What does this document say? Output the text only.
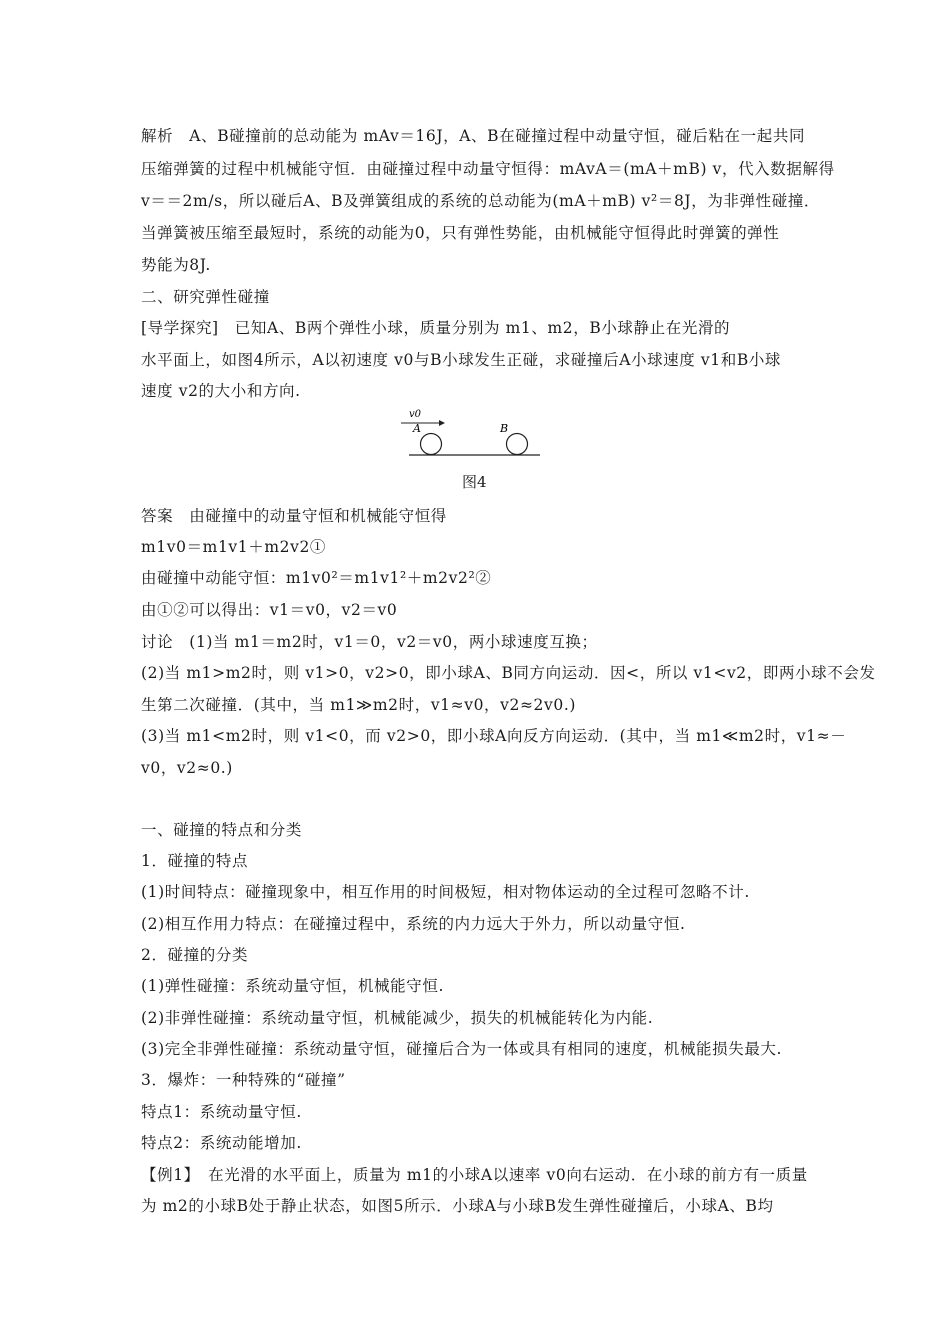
解析　A、B碰撞前的总动能为 mAv＝16J，A、B在碰撞过程中动量守恒，碰后粘在一起共同
压缩弹簧的过程中机械能守恒．由碰撞过程中动量守恒得：mAvA＝(mA＋mB) v，代入数据解得
v＝＝2m/s，所以碰后A、B及弹簧组成的系统的总动能为(mA＋mB) v²＝8J，为非弹性碰撞．
当弹簧被压缩至最短时，系统的动能为0，只有弹性势能，由机械能守恒得此时弹簧的弹性
势能为8J.
二、研究弹性碰撞
[导学探究]　已知A、B两个弹性小球，质量分别为 m1、m2，B小球静止在光滑的
水平面上，如图4所示，A以初速度 v0与B小球发生正碰，求碰撞后A小球速度 v1和B小球
速度 v2的大小和方向.
v0
A	B
图4
答案　由碰撞中的动量守恒和机械能守恒得
m1v0＝m1v1＋m2v2①
由碰撞中动能守恒：m1v0²＝m1v1²＋m2v2²②
由①②可以得出：v1＝v0，v2＝v0
讨论　(1)当 m1＝m2时，v1＝0，v2＝v0，两小球速度互换；
(2)当 m1>m2时，则 v1>0，v2>0，即小球A、B同方向运动．因<，所以 v1<v2，即两小球不会发
生第二次碰撞．(其中，当 m1≫m2时，v1≈v0，v2≈2v0.)
(3)当 m1<m2时，则 v1<0，而 v2>0，即小球A向反方向运动．(其中，当 m1≪m2时，v1≈－
v0，v2≈0.)
一、碰撞的特点和分类
1．碰撞的特点
(1)时间特点：碰撞现象中，相互作用的时间极短，相对物体运动的全过程可忽略不计.
(2)相互作用力特点：在碰撞过程中，系统的内力远大于外力，所以动量守恒.
2．碰撞的分类
(1)弹性碰撞：系统动量守恒，机械能守恒.
(2)非弹性碰撞：系统动量守恒，机械能减少，损失的机械能转化为内能.
(3)完全非弹性碰撞：系统动量守恒，碰撞后合为一体或具有相同的速度，机械能损失最大.
3．爆炸：一种特殊的“碰撞”
特点1：系统动量守恒.
特点2：系统动能增加.
【例1】　在光滑的水平面上，质量为 m1的小球A以速率 v0向右运动．在小球的前方有一质量
为 m2的小球B处于静止状态，如图5所示．小球A与小球B发生弹性碰撞后，小球A、B均
